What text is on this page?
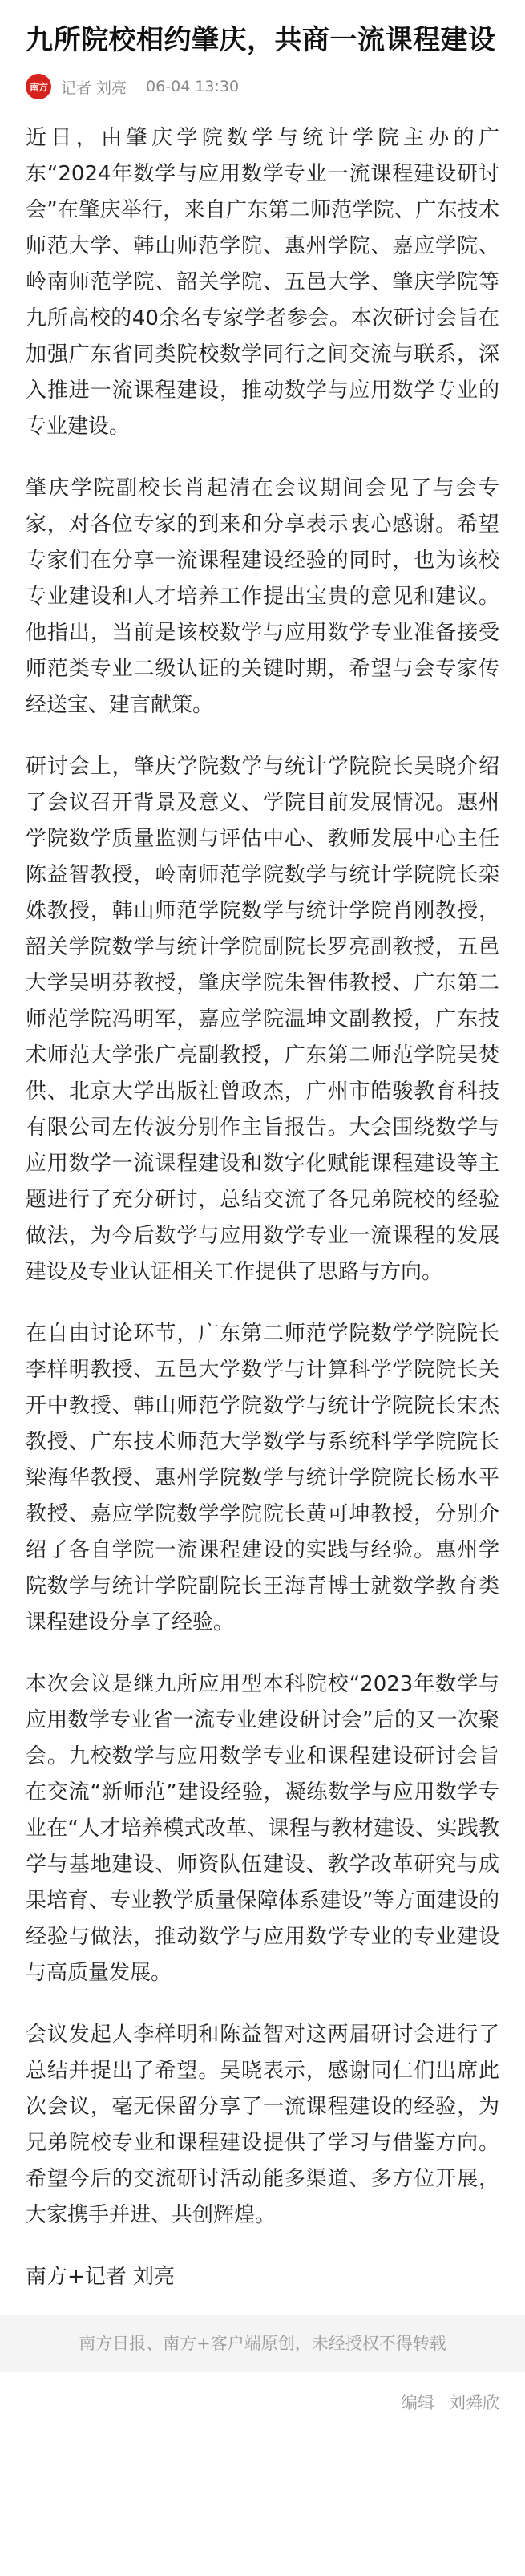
九所院校相约肇庆，共商一流课程建设
南方 记者 刘亮 06-04 13:30

近日，由肇庆学院数学与统计学院主办的广东“2024年数学与应用数学专业一流课程建设研讨会”在肇庆举行，来自广东第二师范学院、广东技术师范大学、韩山师范学院、惠州学院、嘉应学院、岭南师范学院、韶关学院、五邑大学、肇庆学院等九所高校的40余名专家学者参会。本次研讨会旨在加强广东省同类院校数学同行之间交流与联系，深入推进一流课程建设，推动数学与应用数学专业的专业建设。

肇庆学院副校长肖起清在会议期间会见了与会专家，对各位专家的到来和分享表示衷心感谢。希望专家们在分享一流课程建设经验的同时，也为该校专业建设和人才培养工作提出宝贵的意见和建议。他指出，当前是该校数学与应用数学专业准备接受师范类专业二级认证的关键时期，希望与会专家传经送宝、建言献策。

研讨会上，肇庆学院数学与统计学院院长吴晓介绍了会议召开背景及意义、学院目前发展情况。惠州学院数学质量监测与评估中心、教师发展中心主任陈益智教授，岭南师范学院数学与统计学院院长栾姝教授，韩山师范学院数学与统计学院肖刚教授，韶关学院数学与统计学院副院长罗亮副教授，五邑大学吴明芬教授，肇庆学院朱智伟教授、广东第二师范学院冯明军，嘉应学院温坤文副教授，广东技术师范大学张广亮副教授，广东第二师范学院吴焚供、北京大学出版社曾政杰，广州市皓骏教育科技有限公司左传波分别作主旨报告。大会围绕数学与应用数学一流课程建设和数字化赋能课程建设等主题进行了充分研讨，总结交流了各兄弟院校的经验做法，为今后数学与应用数学专业一流课程的发展建设及专业认证相关工作提供了思路与方向。

在自由讨论环节，广东第二师范学院数学学院院长李样明教授、五邑大学数学与计算科学学院院长关开中教授、韩山师范学院数学与统计学院院长宋杰教授、广东技术师范大学数学与系统科学学院院长梁海华教授、惠州学院数学与统计学院院长杨水平教授、嘉应学院数学学院院长黄可坤教授，分别介绍了各自学院一流课程建设的实践与经验。惠州学院数学与统计学院副院长王海青博士就数学教育类课程建设分享了经验。

本次会议是继九所应用型本科院校“2023年数学与应用数学专业省一流专业建设研讨会”后的又一次聚会。九校数学与应用数学专业和课程建设研讨会旨在交流“新师范”建设经验，凝练数学与应用数学专业在“人才培养模式改革、课程与教材建设、实践教学与基地建设、师资队伍建设、教学改革研究与成果培育、专业教学质量保障体系建设”等方面建设的经验与做法，推动数学与应用数学专业的专业建设与高质量发展。

会议发起人李样明和陈益智对这两届研讨会进行了总结并提出了希望。吴晓表示，感谢同仁们出席此次会议，毫无保留分享了一流课程建设的经验，为兄弟院校专业和课程建设提供了学习与借鉴方向。希望今后的交流研讨活动能多渠道、多方位开展，大家携手并进、共创辉煌。

南方+记者 刘亮

南方日报、南方+客户端原创，未经授权不得转载
编辑 刘舜欣
